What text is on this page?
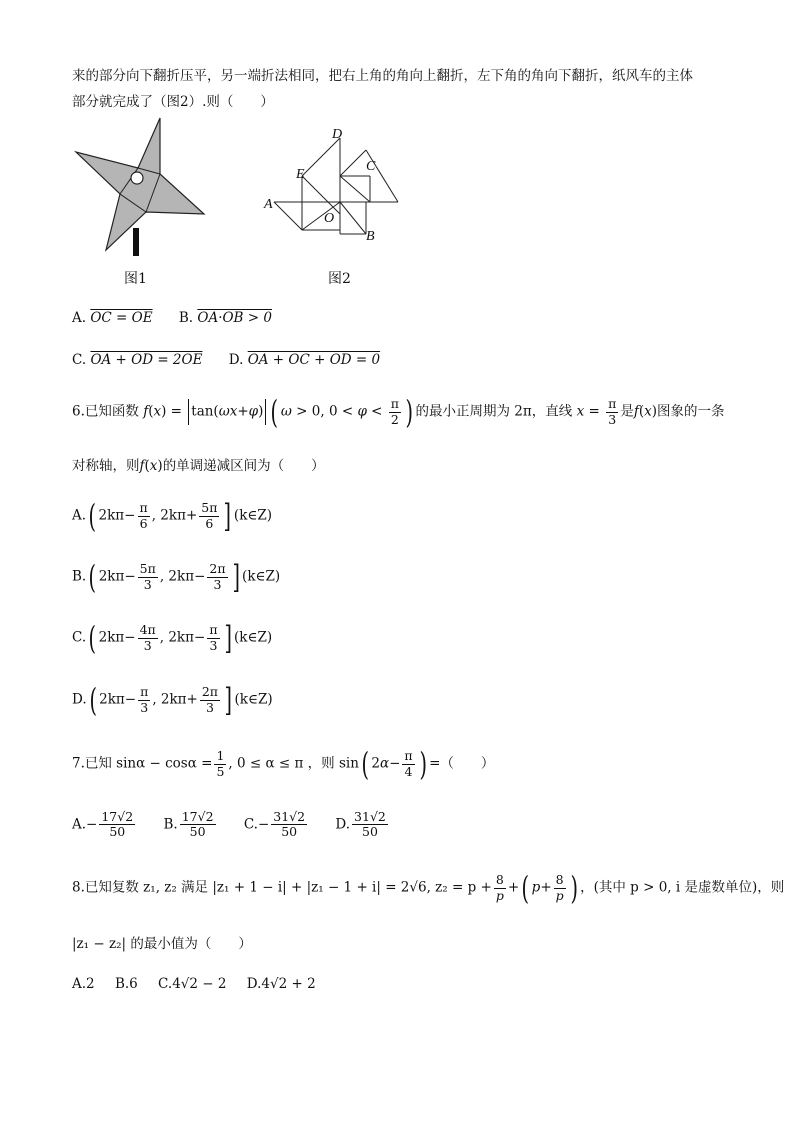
来的部分向下翻折压平，另一端折法相同，把右上角的角向上翻折，左下角的角向下翻折，纸风车的主体
部分就完成了（图2）.则（　　）
图1
D
C
E
A
O
B
图2
A. OC = OE B. OA·OB > 0
C. OA + OD = 2OE D. OA + OC + OD = 0
6.已知函数 f(x) = tan(ωx+φ) ( ω > 0, $0 < \varphi < \frac{\pi}{2}$ ) 的最小正周期为 2π，直线 $x = \frac{\pi}{3}$ 是f(x)图象的一条
对称轴，则f(x)的单调递减区间为（　　）
A.( $2k\pi- \frac{\pi}{6}$ , $2k\pi+ \frac{5\pi}{6}$ ] (k∈Z)
B.( $2k\pi- \frac{5\pi}{3}$ , $2k\pi- \frac{2\pi}{3}$ ] (k∈Z)
C.( $2k\pi- \frac{4\pi}{3}$ , $2k\pi- \frac{\pi}{3}$ ] (k∈Z)
D.( $2k\pi- \frac{\pi}{3}$ , $2k\pi+ \frac{2\pi}{3}$ ] (k∈Z)
7.已知 $\sin\alpha - \cos\alpha = \frac{1}{5}$ , 0 ≤ α ≤ π ，则 sin( $2\alpha- \frac{\pi}{4}$ ) =（　　）
$A.- \frac{17√2}{50} B$. $\frac{17√2}{50} C.- \frac{31√2}{50} D$. $\frac{31√2}{50}$
8.已知复数 z₁, z₂ 满足 |z₁ + 1 − i| + |z₁ − 1 + i| = 2√6, $z_2 = p + \frac{8}{p}$ +( $p+ \frac{8}{p}$ ) ，(其中 p > 0, i 是虚数单位)，则
|z₁ − z₂| 的最小值为（　　）
A.2 B.6 C.4√2 − 2 D.4√2 + 2
